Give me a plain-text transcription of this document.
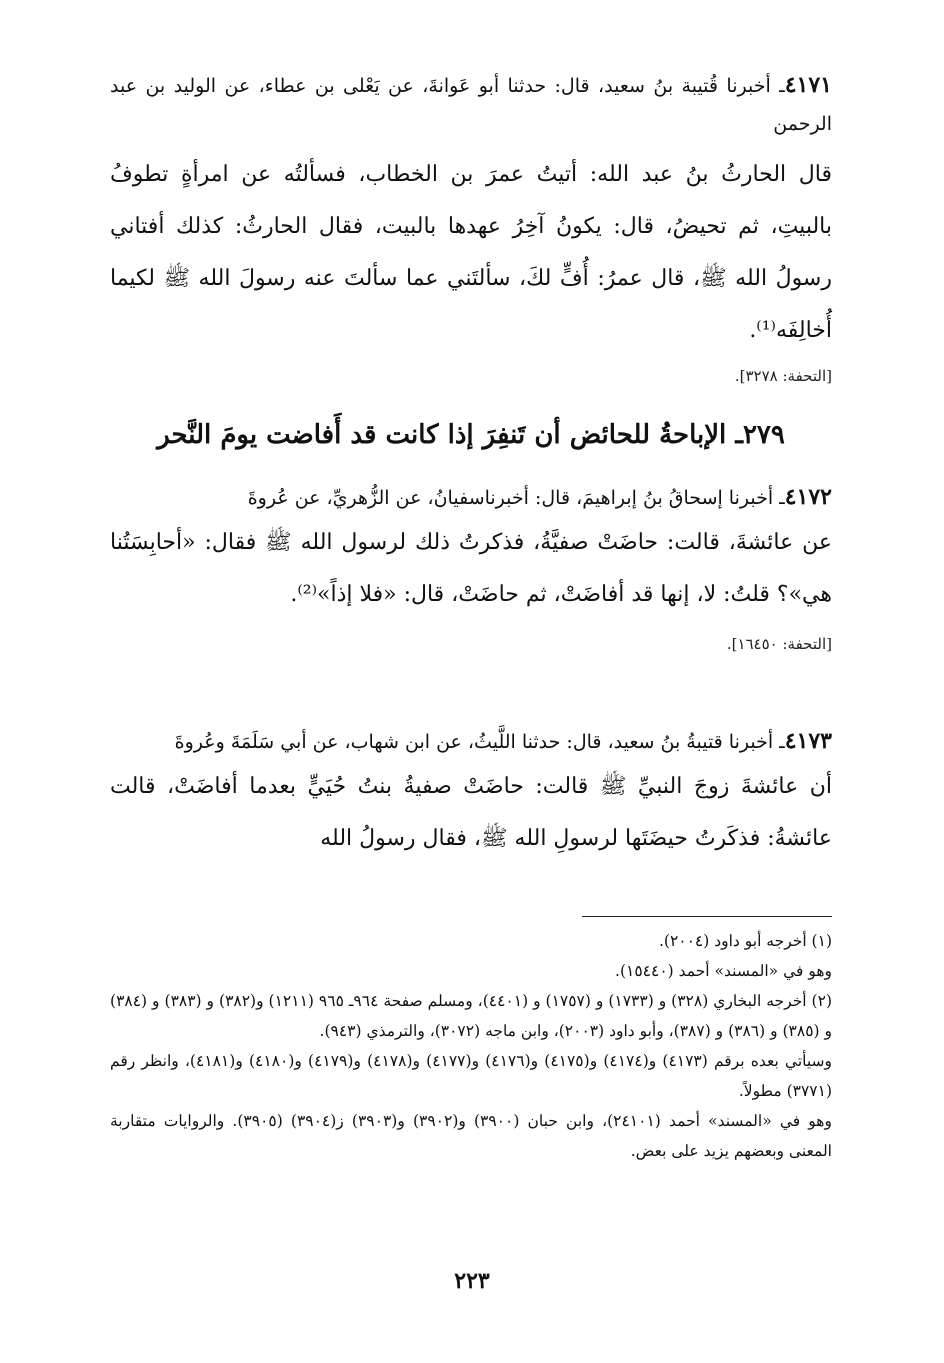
٤١٧١ـ أخبرنا قُتيبة بنُ سعيد، قال: حدثنا أبو عَوانةَ، عن يَعْلى بن عطاء، عن الوليد بن عبد الرحمن
قال الحارثُ بنُ عبد الله: أتيتُ عمرَ بن الخطاب، فسألتُه عن امرأةٍ تطوفُ بالبيتِ، ثم تحيضُ، قال: يكونُ آخِرُ عهدها بالبيت، فقال الحارثُ: كذلك أفتاني رسولُ الله ﷺ، قال عمرُ: أُفٍّ لكَ، سألتَني عما سألتَ عنه رسولَ الله ﷺ لكيما أُخالِفَه⁽¹⁾.
[التحفة: ٣٢٧٨].
٢٧٩ـ الإباحةُ للحائض أن تَنفِرَ إذا كانت قد أَفاضت يومَ النَّحر
٤١٧٢ـ أخبرنا إسحاقُ بنُ إبراهيمَ، قال: أخبرناسفيانُ، عن الزُّهريِّ، عن عُروةَ
عن عائشةَ، قالت: حاضَتْ صفيَّةُ، فذكرتُ ذلك لرسول الله ﷺ فقال: «أحابِسَتُنا هي»؟ قلتُ: لا، إنها قد أفاضَتْ، ثم حاضَتْ، قال: «فلا إذاً»⁽²⁾.
[التحفة: ١٦٤٥٠].
٤١٧٣ـ أخبرنا قتيبةُ بنُ سعيد، قال: حدثنا اللَّيثُ، عن ابن شهاب، عن أبي سَلَمَةَ وعُروةَ
أن عائشةَ زوجَ النبيِّ ﷺ قالت: حاضَتْ صفيةُ بنتُ حُيَيٍّ بعدما أفاضَتْ، قالت عائشةُ: فذكَرتُ حيضَتَها لرسولِ الله ﷺ، فقال رسولُ الله
(١) أخرجه أبو داود (٢٠٠٤).
وهو في «المسند» أحمد (١٥٤٤٠).
(٢) أخرجه البخاري (٣٢٨) و (١٧٣٣) و (١٧٥٧) و (٤٤٠١)، ومسلم صفحة ٩٦٤ـ ٩٦٥ (١٢١١) و(٣٨٢) و (٣٨٣) و (٣٨٤) و (٣٨٥) و (٣٨٦) و (٣٨٧)، وأبو داود (٢٠٠٣)، وابن ماجه (٣٠٧٢)، والترمذي (٩٤٣).
وسيأتي بعده برقم (٤١٧٣) و(٤١٧٤) و(٤١٧٥) و(٤١٧٦) و(٤١٧٧) و(٤١٧٨) و(٤١٧٩) و(٤١٨٠) و(٤١٨١)، وانظر رقم (٣٧٧١) مطولاً.
وهو في «المسند» أحمد (٢٤١٠١)، وابن حبان (٣٩٠٠) و(٣٩٠٢) و(٣٩٠٣) ز(٣٩٠٤) (٣٩٠٥). والروايات متقاربة المعنى وبعضهم يزيد على بعض.
٢٢٣
